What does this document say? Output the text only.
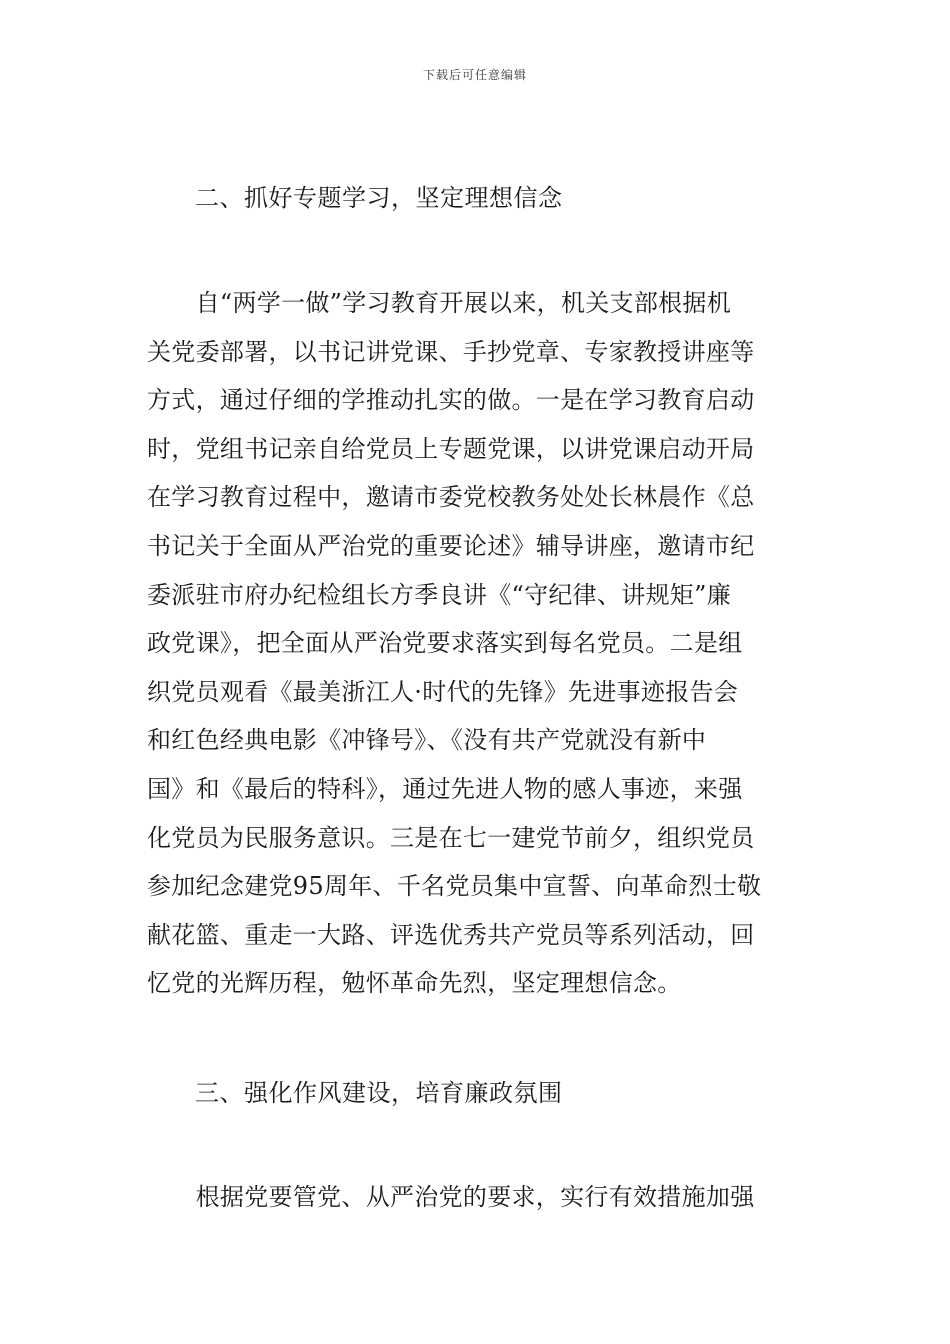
下载后可任意编辑
二、抓好专题学习，坚定理想信念
　　自“两学一做”学习教育开展以来，机关支部根据机
关党委部署，以书记讲党课、手抄党章、专家教授讲座等
方式，通过仔细的学推动扎实的做。一是在学习教育启动
时，党组书记亲自给党员上专题党课，以讲党课启动开局
在学习教育过程中，邀请市委党校教务处处长林晨作《总
书记关于全面从严治党的重要论述》辅导讲座，邀请市纪
委派驻市府办纪检组长方季良讲《“守纪律、讲规矩”廉
政党课》，把全面从严治党要求落实到每名党员。二是组
织党员观看《最美浙江人·时代的先锋》先进事迹报告会
和红色经典电影《冲锋号》、《没有共产党就没有新中
国》和《最后的特科》，通过先进人物的感人事迹，来强
化党员为民服务意识。三是在七一建党节前夕，组织党员
参加纪念建党95周年、千名党员集中宣誓、向革命烈士敬
献花篮、重走一大路、评选优秀共产党员等系列活动，回
忆党的光辉历程，勉怀革命先烈，坚定理想信念。
三、强化作风建设，培育廉政氛围
　　根据党要管党、从严治党的要求，实行有效措施加强
